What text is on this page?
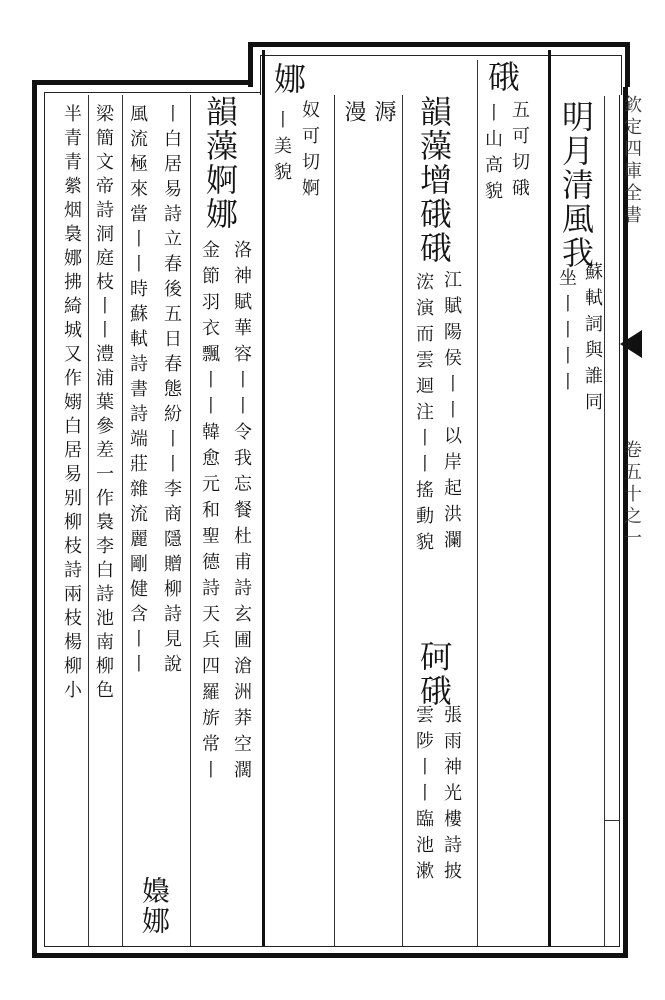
欽定四庫全書
卷五十之一
明月清風我
蘇軾詞與誰同
坐丨丨丨丨
硪
五可切硪
丨山高貌
韻藻增硪硪
江賦陽侯丨丨以岸起洪瀾
浤演而雲迴注丨丨搖動貌
砢硪
張雨神光樓詩披
雲陟丨丨臨池漱
溽
漫
娜
奴可切婀
丨美貌
韻藻婀娜
洛神賦華容丨丨令我忘餐杜甫詩玄圃滄洲莽空濶
金節羽衣飄丨丨韓愈元和聖德詩天兵四羅旂常丨
丨白居易詩立春後五日春態紛丨丨李商隱贈柳詩見說
嬝娜
風流極來當丨丨時蘇軾詩書詩端莊雜流麗剛健含丨丨
梁簡文帝詩洞庭枝丨丨澧浦葉參差一作裊李白詩池南柳色
半青青縈烟裊娜拂綺城又作嫋白居易别柳枝詩兩枝楊柳小
